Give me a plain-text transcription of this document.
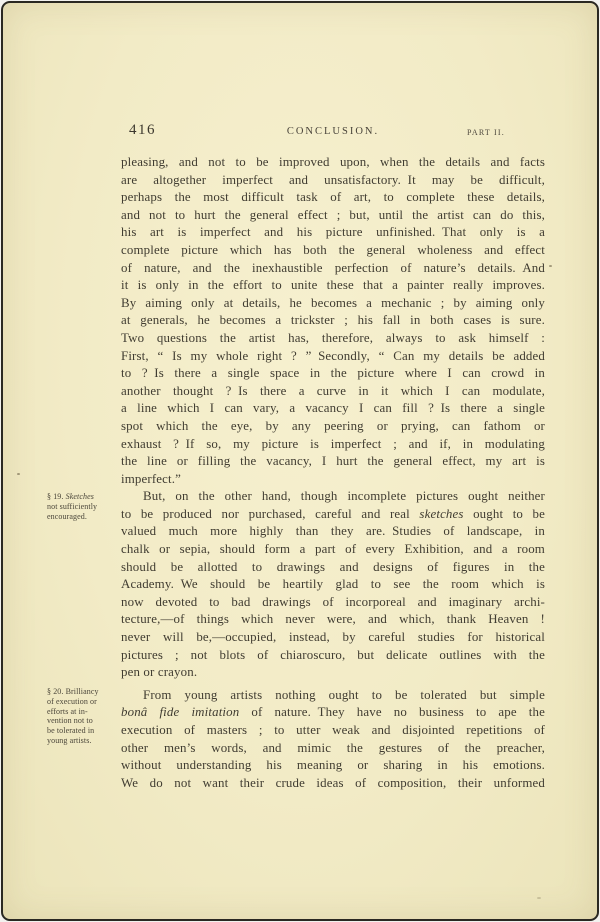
416	CONCLUSION.	PART II.
§ 19. Sketches
not sufficiently
encouraged.
§ 20. Brilliancy
of execution or
efforts at in-
vention not to
be tolerated in
young artists.
pleasing, and not to be improved upon, when the details and facts
are altogether imperfect and unsatisfactory. It may be difficult,
perhaps the most difficult task of art, to complete these details,
and not to hurt the general effect ; but, until the artist can do this,
his art is imperfect and his picture unfinished. That only is a
complete picture which has both the general wholeness and effect
of nature, and the inexhaustible perfection of nature’s details. And
it is only in the effort to unite these that a painter really improves.
By aiming only at details, he becomes a mechanic ; by aiming only
at generals, he becomes a trickster ; his fall in both cases is sure.
Two questions the artist has, therefore, always to ask himself :
First, “ Is my whole right ? ” Secondly, “ Can my details be added
to ? Is there a single space in the picture where I can crowd in
another thought ? Is there a curve in it which I can modulate,
a line which I can vary, a vacancy I can fill ? Is there a single
spot which the eye, by any peering or prying, can fathom or
exhaust ? If so, my picture is imperfect ; and if, in modulating
the line or filling the vacancy, I hurt the general effect, my art is
imperfect.”
But, on the other hand, though incomplete pictures ought neither
to be produced nor purchased, careful and real sketches ought to be
valued much more highly than they are. Studies of landscape, in
chalk or sepia, should form a part of every Exhibition, and a room
should be allotted to drawings and designs of figures in the
Academy. We should be heartily glad to see the room which is
now devoted to bad drawings of incorporeal and imaginary archi-
tecture,—of things which never were, and which, thank Heaven !
never will be,—occupied, instead, by careful studies for historical
pictures ; not blots of chiaroscuro, but delicate outlines with the
pen or crayon.
From young artists nothing ought to be tolerated but simple
bonâ fide imitation of nature. They have no business to ape the
execution of masters ; to utter weak and disjointed repetitions of
other men’s words, and mimic the gestures of the preacher,
without understanding his meaning or sharing in his emotions.
We do not want their crude ideas of composition, their unformed
